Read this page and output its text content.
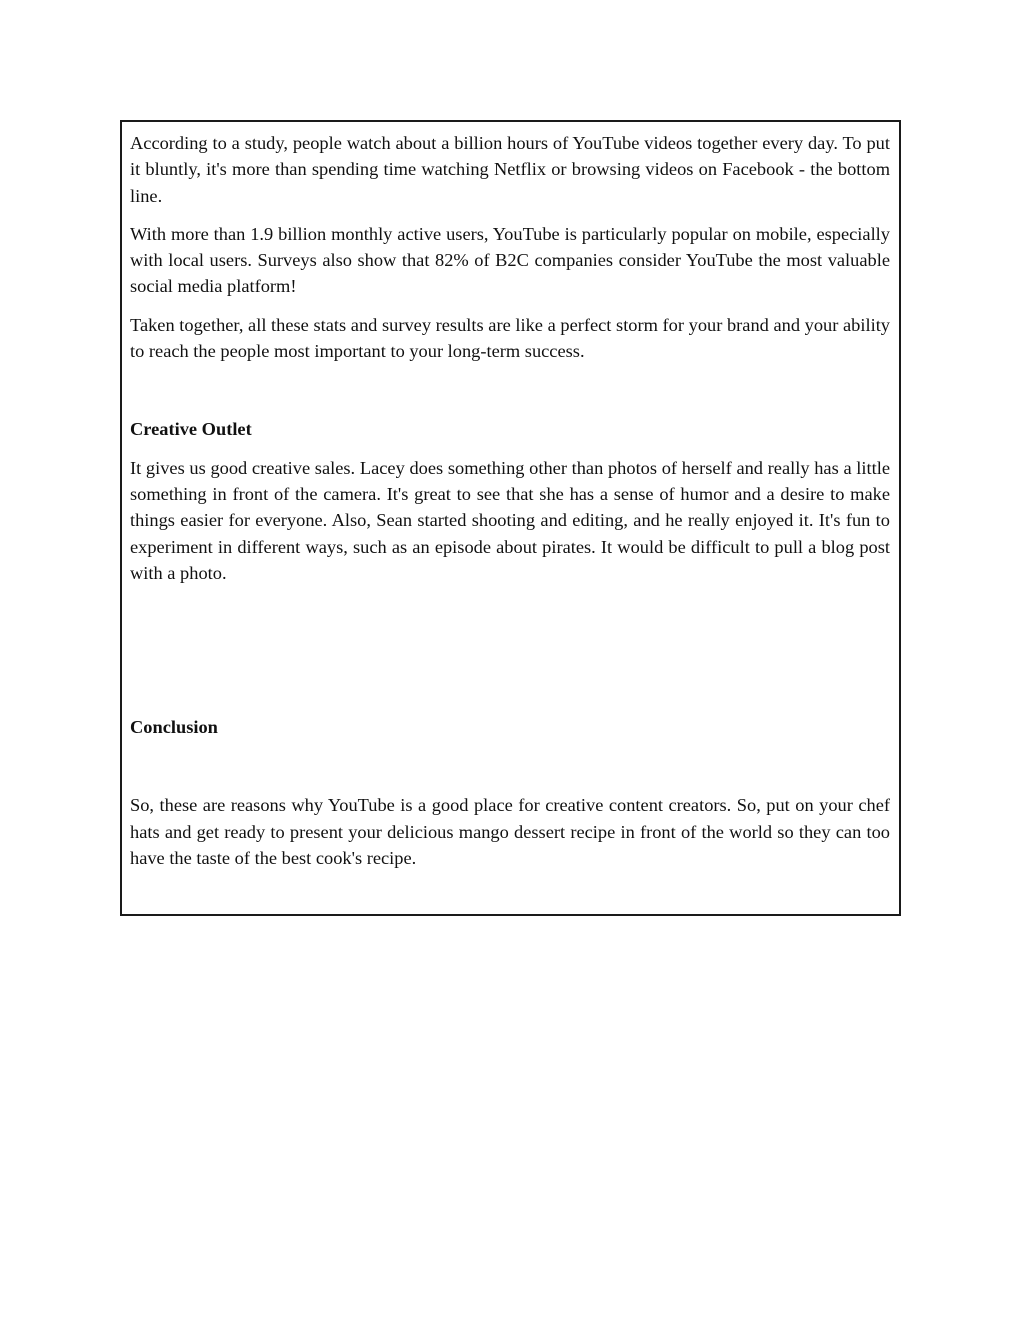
According to a study, people watch about a billion hours of YouTube videos together every day. To put it bluntly, it's more than spending time watching Netflix or browsing videos on Facebook - the bottom line.

With more than 1.9 billion monthly active users, YouTube is particularly popular on mobile, especially with local users. Surveys also show that 82% of B2C companies consider YouTube the most valuable social media platform!

Taken together, all these stats and survey results are like a perfect storm for your brand and your ability to reach the people most important to your long-term success.

Creative Outlet

It gives us good creative sales. Lacey does something other than photos of herself and really has a little something in front of the camera. It's great to see that she has a sense of humor and a desire to make things easier for everyone. Also, Sean started shooting and editing, and he really enjoyed it. It's fun to experiment in different ways, such as an episode about pirates. It would be difficult to pull a blog post with a photo.

Conclusion

So, these are reasons why YouTube is a good place for creative content creators. So, put on your chef hats and get ready to present your delicious mango dessert recipe in front of the world so they can too have the taste of the best cook's recipe.
